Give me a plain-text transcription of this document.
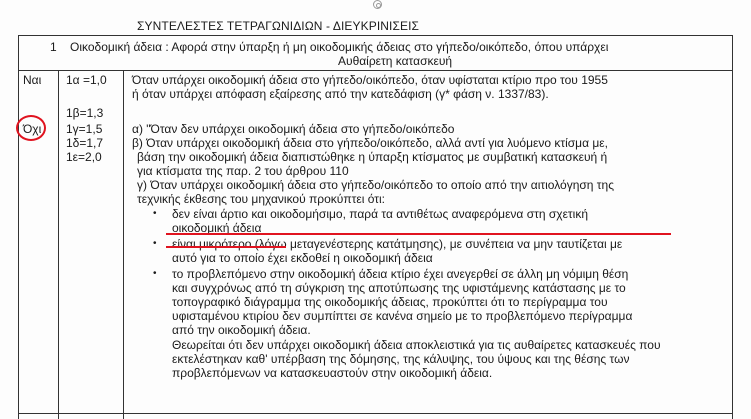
ΣΥΝΤΕΛΕΣΤΕΣ ΤΕΤΡΑΓΩΝΙΔΙΩΝ - ΔΙΕΥΚΡΙΝΙΣΕΙΣ
1 Οικοδομική άδεια : Αφορά στην ύπαρξη ή μη οικοδομικής άδειας στο γήπεδο/οικόπεδο, όπου υπάρχει
Αυθαίρετη κατασκευή
Ναι
Όχι
1α =1,0
1β=1,3
1γ=1,5
1δ=1,7
1ε=2,0
Όταν υπάρχει οικοδομική άδεια στο γήπεδο/οικόπεδο, όταν υφίσταται κτίριο προ του 1955
ή όταν υπάρχει απόφαση εξαίρεσης από την κατεδάφιση (γ* φάση ν. 1337/83).
α) "Όταν δεν υπάρχει οικοδομική άδεια στο γήπεδο/οικόπεδο
β) Όταν υπάρχει οικοδομική άδεια στο γήπεδο/οικόπεδο, αλλά αντί για λυόμενο κτίσμα με,
βάση την οικοδομική άδεια διαπιστώθηκε η ύπαρξη κτίσματος με συμβατική κατασκευή ή
για κτίσματα της παρ. 2 του άρθρου 110
γ) Όταν υπάρχει οικοδομική άδεια στο γήπεδο/οικόπεδο το οποίο από την αιτιολόγηση της
τεχνικής έκθεσης του μηχανικού προκύπτει ότι:
• δεν είναι άρτιο και οικοδομήσιμο, παρά τα αντιθέτως αναφερόμενα στη σχετική
οικοδομική άδεια
• είναι μικρότερο (λόγω μεταγενέστερης κατάτμησης), με συνέπεια να μην ταυτίζεται με
αυτό για το οποίο έχει εκδοθεί η οικοδομική άδεια
• το προβλεπόμενο στην οικοδομική άδεια κτίριο έχει ανεγερθεί σε άλλη μη νόμιμη θέση
και συγχρόνως από τη σύγκριση της αποτύπωσης της υφιστάμενης κατάστασης με το
τοπογραφικό διάγραμμα της οικοδομικής άδειας, προκύπτει ότι το περίγραμμα του
υφισταμένου κτιρίου δεν συμπίπτει σε κανένα σημείο με το προβλεπόμενο περίγραμμα
από την οικοδομική άδεια.
Θεωρείται ότι δεν υπάρχει οικοδομική άδεια αποκλειστικά για τις αυθαίρετες κατασκευές που
εκτελέστηκαν καθ' υπέρβαση της δόμησης, της κάλυψης, του ύψους και της θέσης των
προβλεπόμενων να κατασκευαστούν στην οικοδομική άδεια.
